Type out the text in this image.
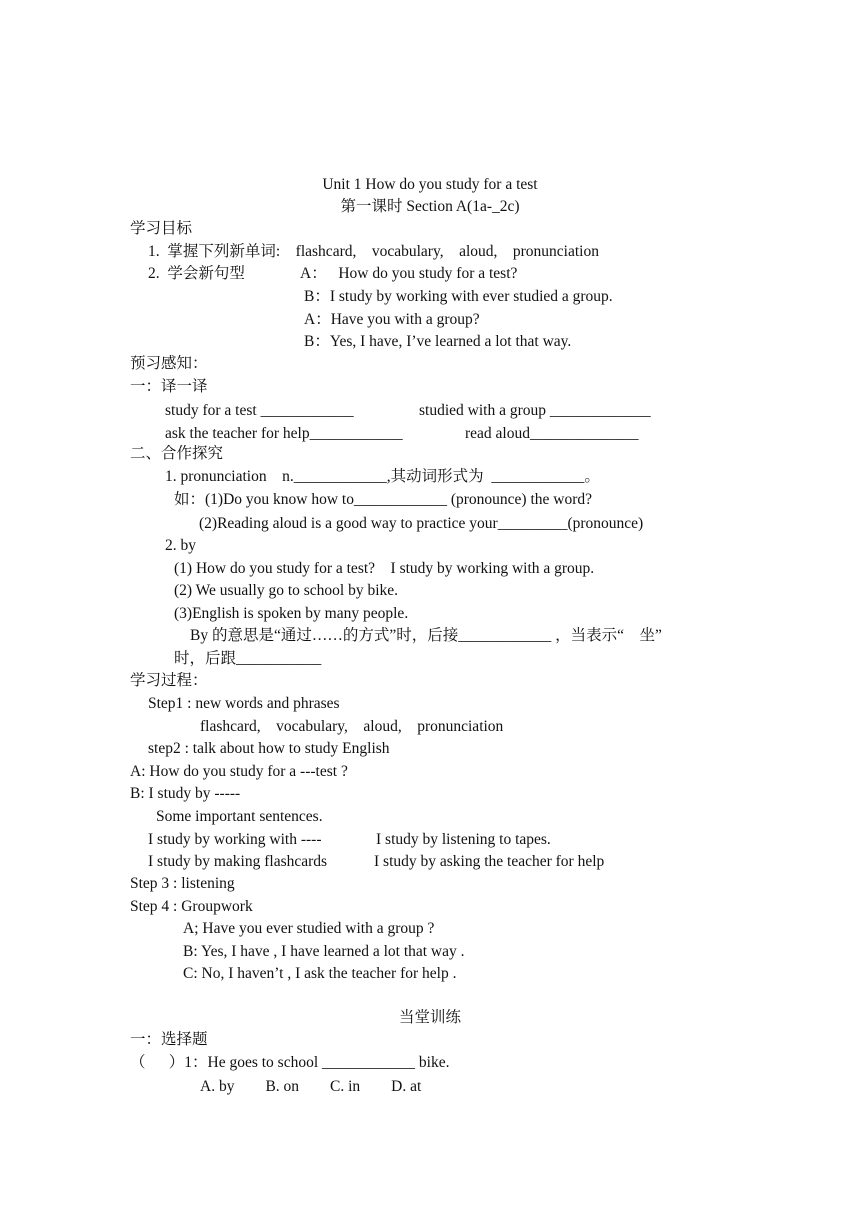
Unit 1 How do you study for a test
第一课时 Section A(1a-_2c)
学习目标
1.  掌握下列新单词:    flashcard,    vocabulary,    aloud,    pronunciation
2.  学会新句型	A：   How do you study for a test?
B：I study by working with ever studied a group.
A：Have you with a group?
B：Yes, I have, I’ve learned a lot that way.
预习感知：
一：译一译
study for a test ____________	studied with a group _____________
ask the teacher for help____________	read aloud______________
二、合作探究
1. pronunciation    n.____________,其动词形式为  ____________。
如：(1)Do you know how to____________ (pronounce) the word?
(2)Reading aloud is a good way to practice your_________(pronounce)
2. by
(1) How do you study for a test?    I study by working with a group.
(2) We usually go to school by bike.
(3)English is spoken by many people.
By 的意思是“通过……的方式”时，后接____________ ，当表示“    坐”
时，后跟___________
学习过程：
Step1 : new words and phrases
flashcard,    vocabulary,    aloud,    pronunciation
step2 : talk about how to study English
A: How do you study for a ---test ?
B: I study by -----
Some important sentences.
I study by working with ----	I study by listening to tapes.
I study by making flashcards	I study by asking the teacher for help
Step 3 : listening
Step 4 : Groupwork
A; Have you ever studied with a group ?
B: Yes, I have , I have learned a lot that way .
C: No, I haven’t , I ask the teacher for help .
当堂训练
一：选择题
（      ）1：He goes to school ____________ bike.
A. by        B. on        C. in        D. at
